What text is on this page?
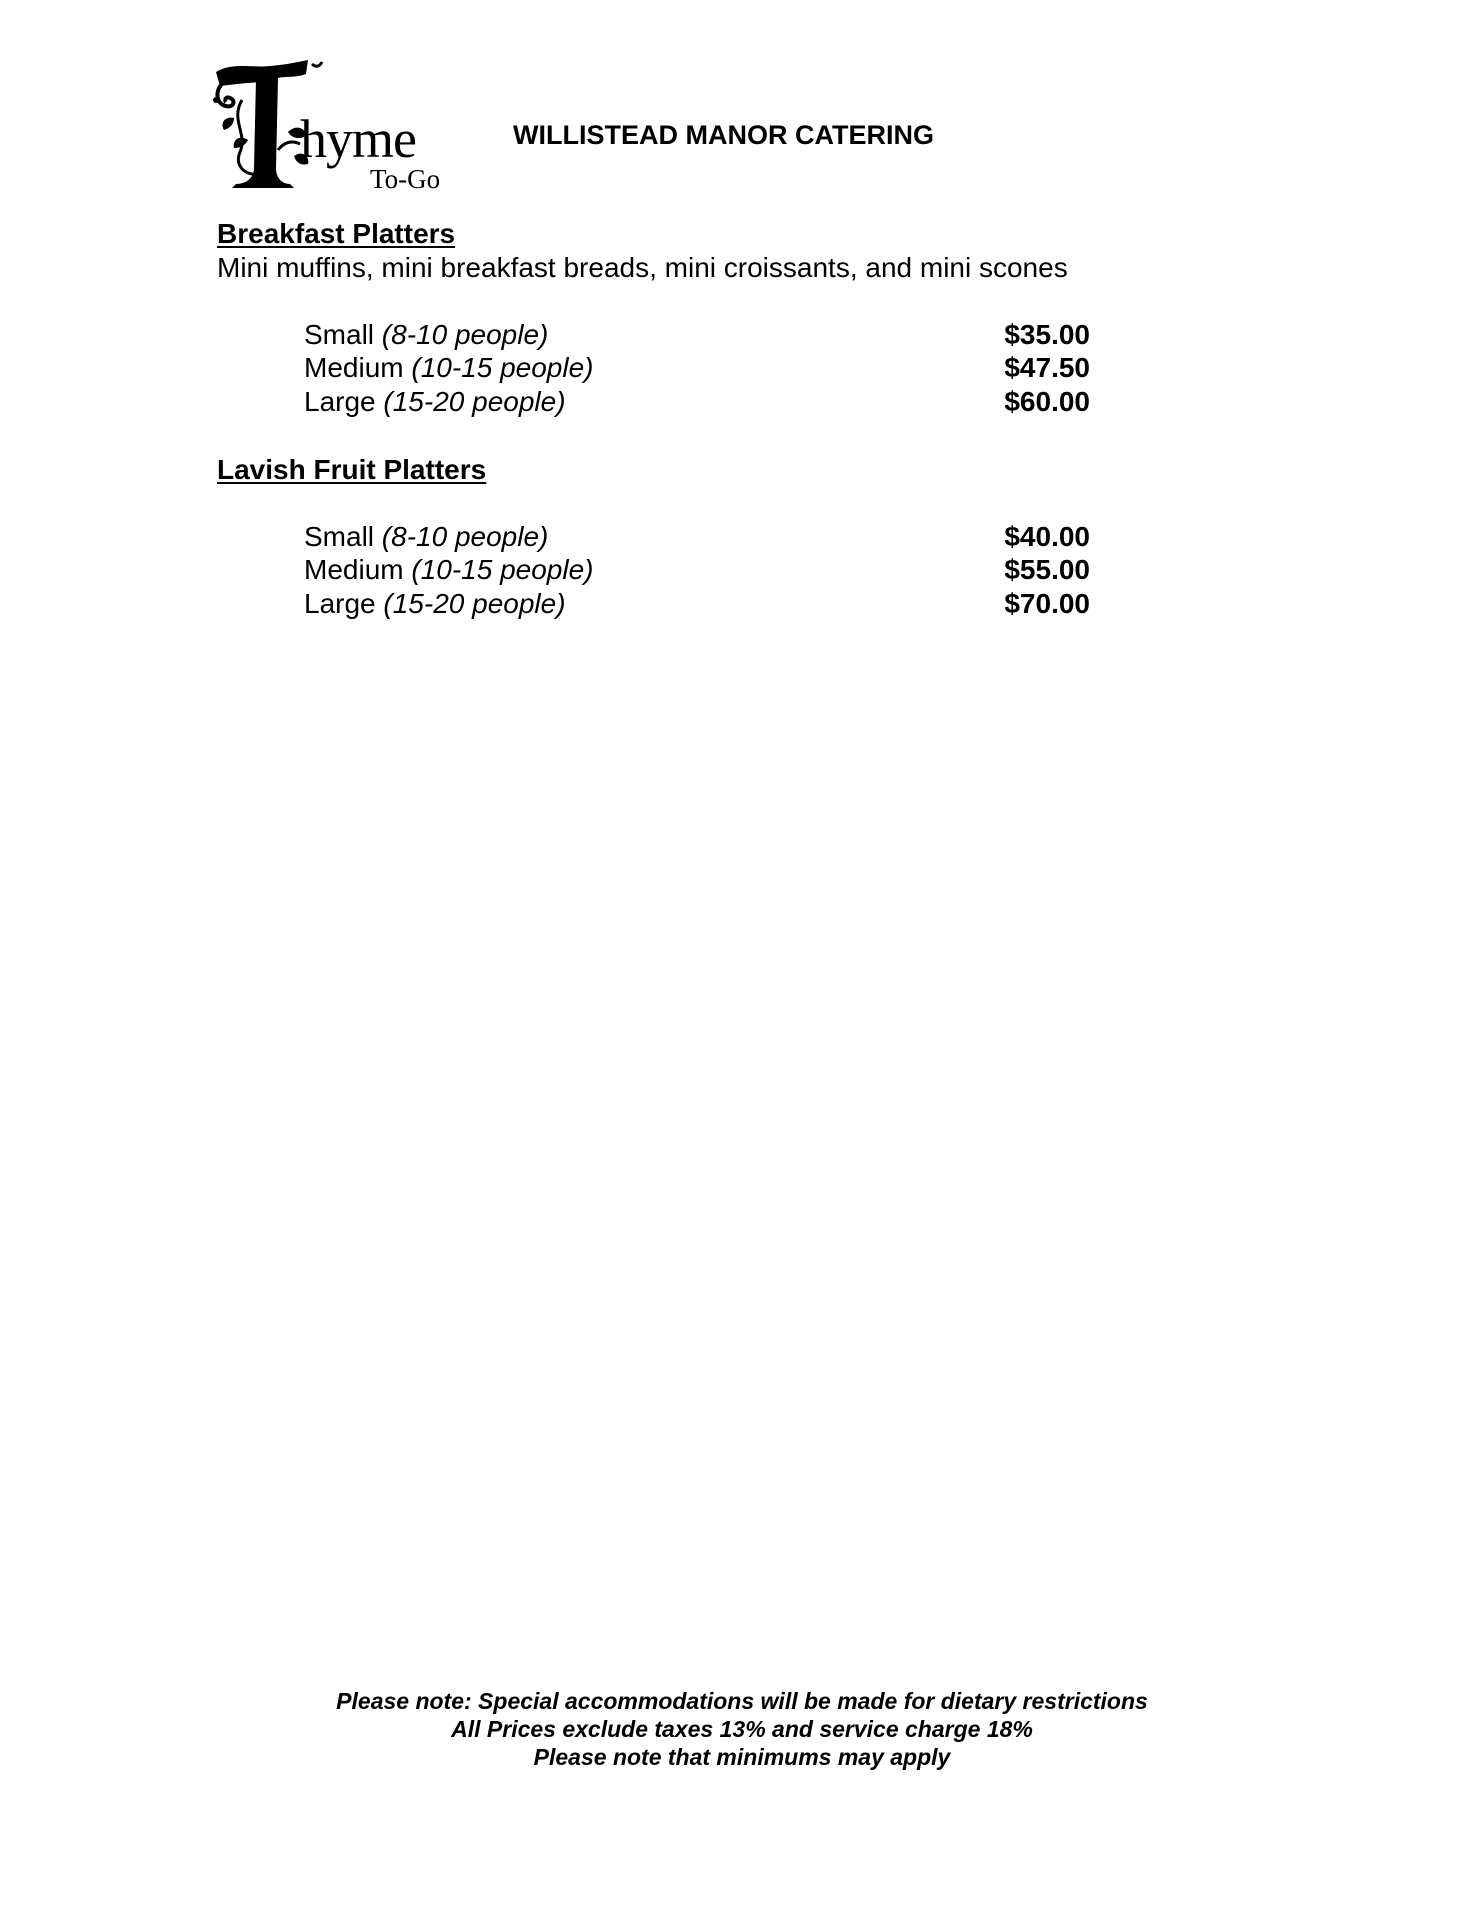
hyme
To-Go
WILLISTEAD MANOR CATERING
Breakfast Platters
Mini muffins, mini breakfast breads, mini croissants, and mini scones
Small (8-10 people)	$35.00
Medium (10-15 people)	$47.50
Large (15-20 people)	$60.00
Lavish Fruit Platters
Small (8-10 people)	$40.00
Medium (10-15 people)	$55.00
Large (15-20 people)	$70.00
Please note: Special accommodations will be made for dietary restrictions
All Prices exclude taxes 13% and service charge 18%
Please note that minimums may apply
